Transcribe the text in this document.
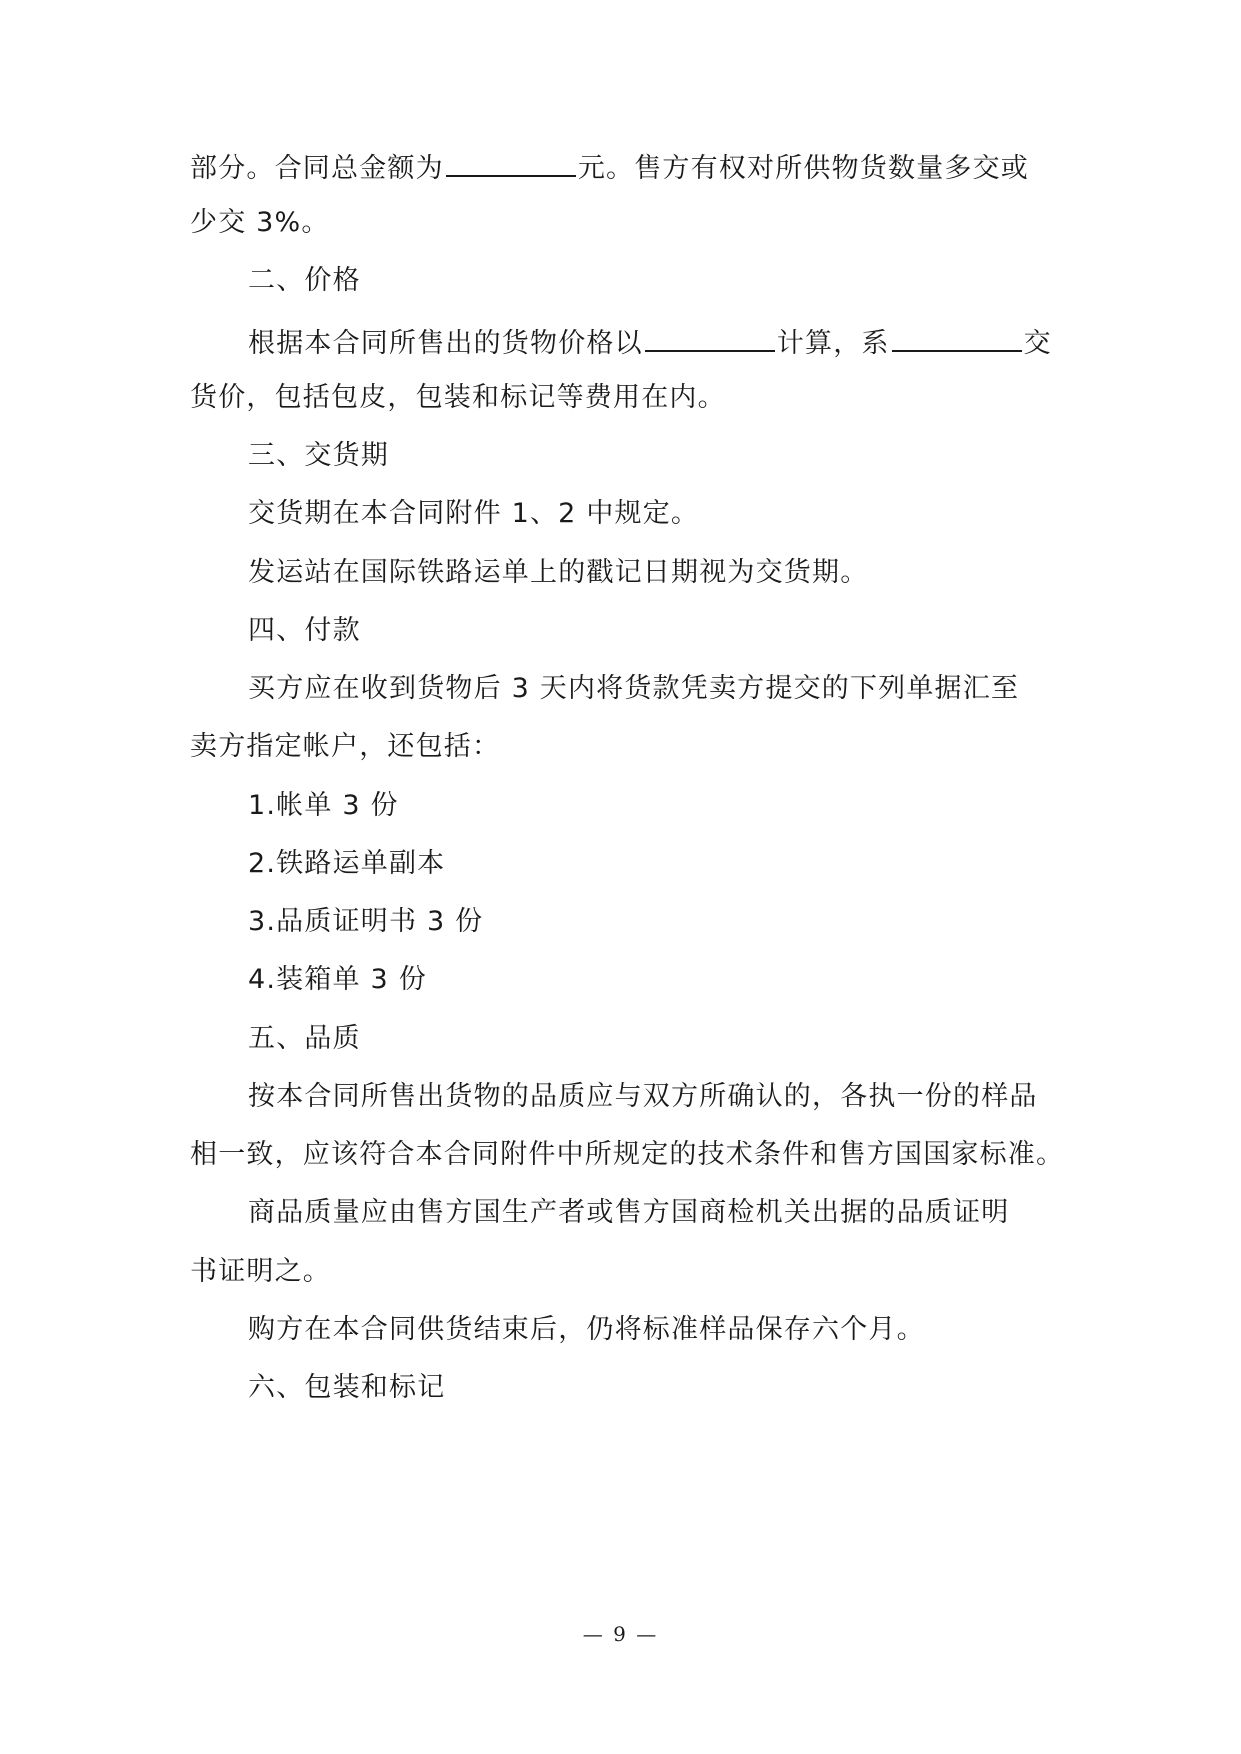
部分。合同总金额为	元。售方有权对所供物货数量多交或
少交 3%。
二、价格
根据本合同所售出的货物价格以	计算，系	交
货价，包括包皮，包装和标记等费用在内。
三、交货期
交货期在本合同附件 1、2 中规定。
发运站在国际铁路运单上的戳记日期视为交货期。
四、付款
买方应在收到货物后 3 天内将货款凭卖方提交的下列单据汇至
卖方指定帐户，还包括：
1.帐单 3 份
2.铁路运单副本
3.品质证明书 3 份
4.装箱单 3 份
五、品质
按本合同所售出货物的品质应与双方所确认的，各执一份的样品
相一致，应该符合本合同附件中所规定的技术条件和售方国国家标准。
商品质量应由售方国生产者或售方国商检机关出据的品质证明
书证明之。
购方在本合同供货结束后，仍将标准样品保存六个月。
六、包装和标记
— 9 —
